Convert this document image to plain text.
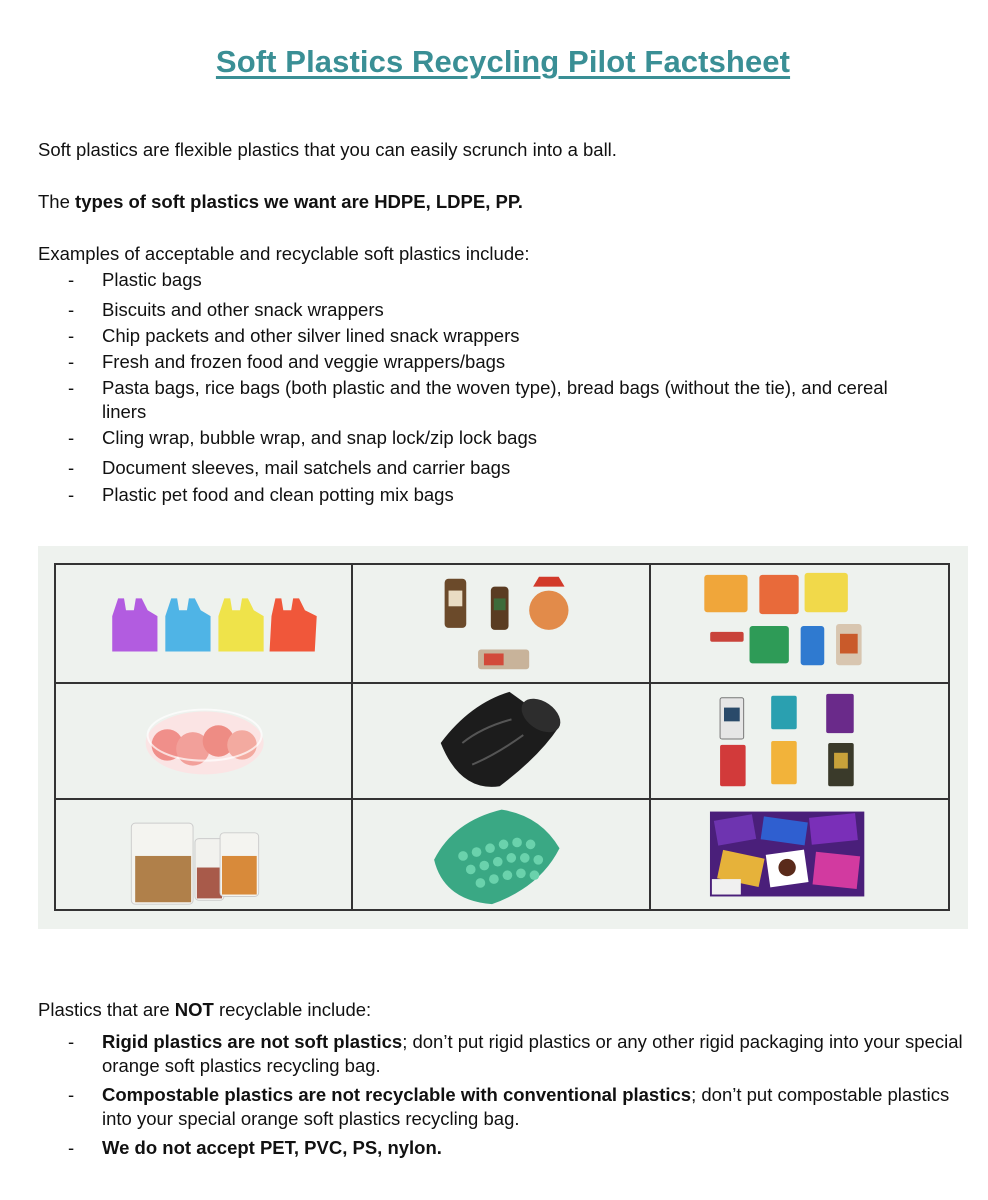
Soft Plastics Recycling Pilot Factsheet
Soft plastics are flexible plastics that you can easily scrunch into a ball.
The types of soft plastics we want are HDPE, LDPE, PP.
Examples of acceptable and recyclable soft plastics include:
- Plastic bags
- Biscuits and other snack wrappers
- Chip packets and other silver lined snack wrappers
- Fresh and frozen food and veggie wrappers/bags
- Pasta bags, rice bags (both plastic and the woven type), bread bags (without the tie), and cereal liners
- Cling wrap, bubble wrap, and snap lock/zip lock bags
- Document sleeves, mail satchels and carrier bags
- Plastic pet food and clean potting mix bags
Plastics that are NOT recyclable include:
- Rigid plastics are not soft plastics; don’t put rigid plastics or any other rigid packaging into your special orange soft plastics recycling bag.
- Compostable plastics are not recyclable with conventional plastics; don’t put compostable plastics into your special orange soft plastics recycling bag.
- We do not accept PET, PVC, PS, nylon.
